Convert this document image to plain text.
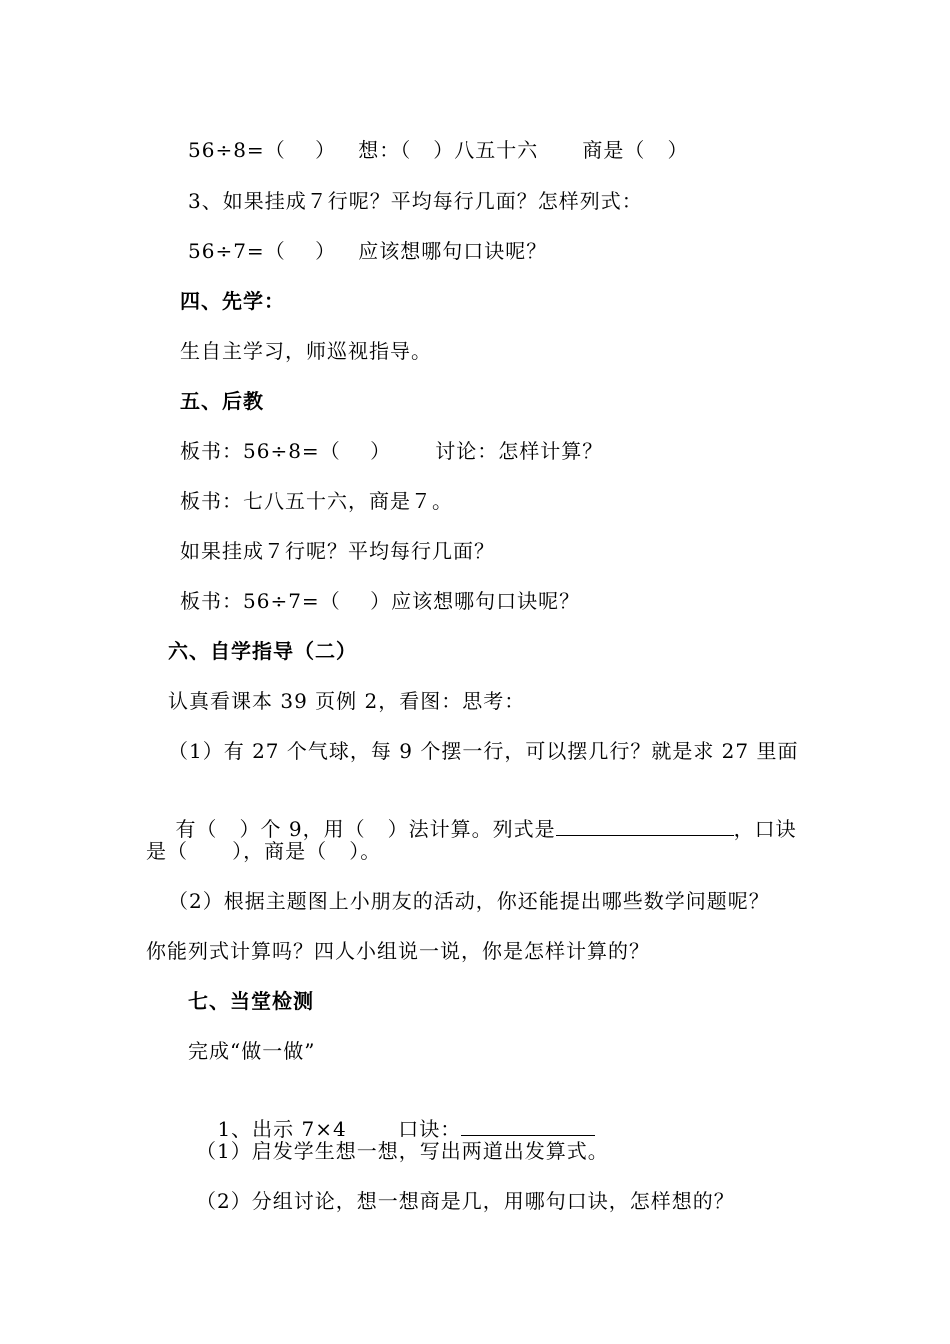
56÷8=（    ）   想：（   ）八五十六      商是（   ）
3、如果挂成７行呢？平均每行几面？怎样列式：
56÷7=（    ）   应该想哪句口诀呢？
四、先学：
生自主学习，师巡视指导。
五、后教
板书：56÷8=（    ）      讨论：怎样计算？
板书：七八五十六，商是７。
如果挂成７行呢？平均每行几面？
板书：56÷7=（    ）应该想哪句口诀呢？
六、自学指导（二）
认真看课本 39 页例 2，看图：思考：
（1）有 27 个气球，每 9 个摆一行，可以摆几行？就是求 27 里面

有（   ）个 9，用（   ）法计算。列式是	，口诀

是（      ），商是（   ）。
（2）根据主题图上小朋友的活动，你还能提出哪些数学问题呢？
你能列式计算吗？四人小组说一说，你是怎样计算的？
七、当堂检测
完成“做一做”

1、出示 7×4       口诀：

（1）启发学生想一想，写出两道出发算式。
（2）分组讨论，想一想商是几，用哪句口诀，怎样想的？
